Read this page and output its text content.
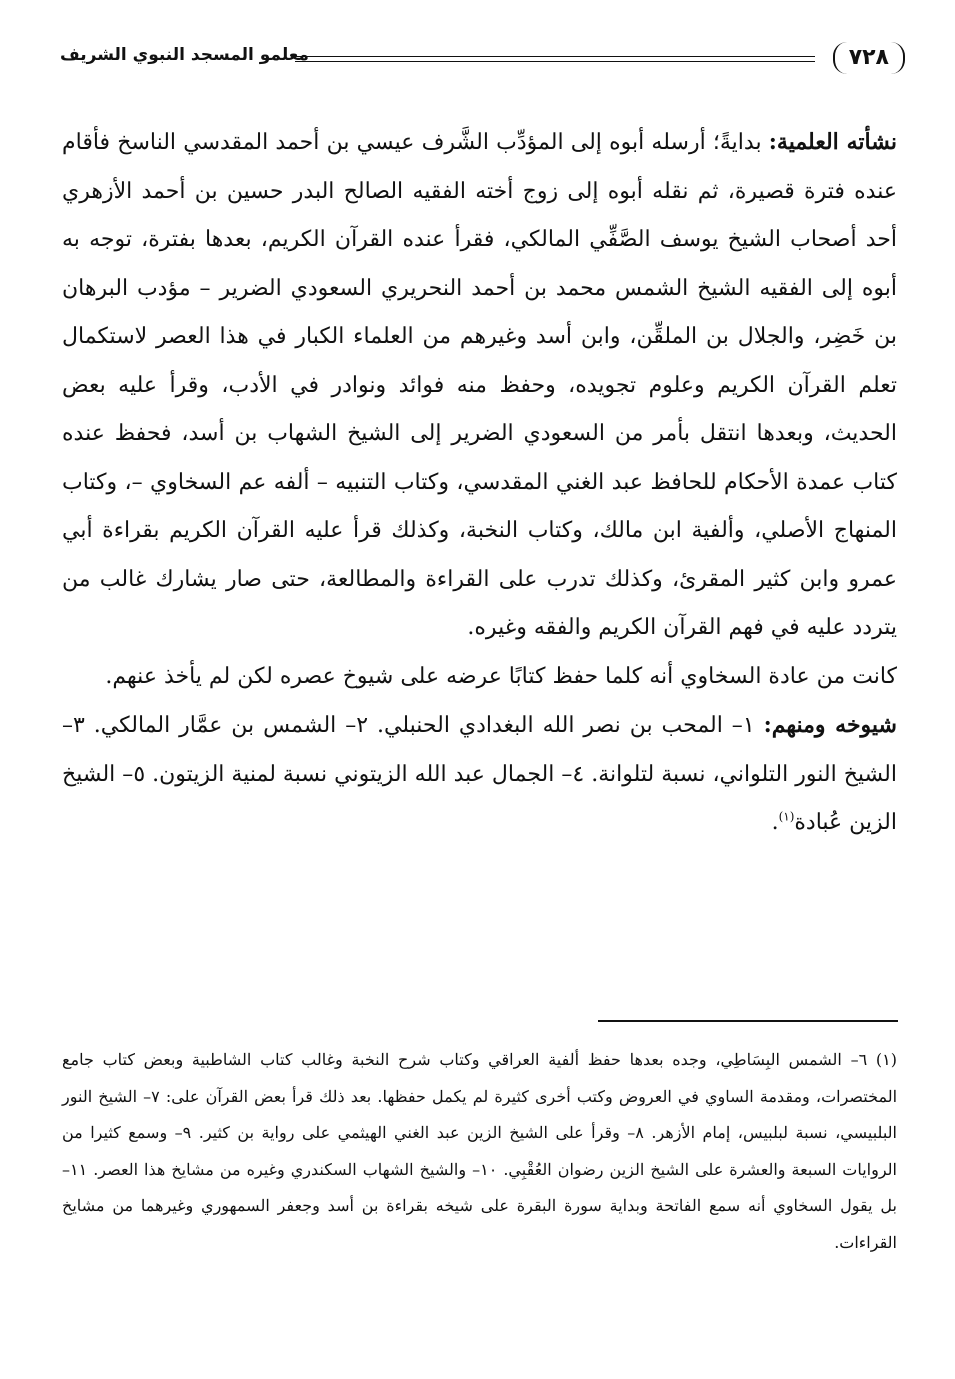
٧٢٨
معلمو المسجد النبوي الشريف

نشأته العلمية: بدايةً؛ أرسله أبوه إلى المؤدِّب الشَّرف عيسي بن أحمد المقدسي الناسخ فأقام عنده فترة قصيرة، ثم نقله أبوه إلى زوج أخته الفقيه الصالح البدر حسين بن أحمد الأزهري أحد أصحاب الشيخ يوسف الصَّفِّي المالكي، فقرأ عنده القرآن الكريم، بعدها بفترة، توجه به أبوه إلى الفقيه الشيخ الشمس محمد بن أحمد النحريري السعودي الضرير – مؤدب البرهان بن خَضِر، والجلال بن الملقِّن، وابن أسد وغيرهم من العلماء الكبار في هذا العصر لاستكمال تعلم القرآن الكريم وعلوم تجويده، وحفظ منه فوائد ونوادر في الأدب، وقرأ عليه بعض الحديث، وبعدها انتقل بأمر من السعودي الضرير إلى الشيخ الشهاب بن أسد، فحفظ عنده كتاب عمدة الأحكام للحافظ عبد الغني المقدسي، وكتاب التنبيه – ألفه عم السخاوي –، وكتاب المنهاج الأصلي، وألفية ابن مالك، وكتاب النخبة، وكذلك قرأ عليه القرآن الكريم بقراءة أبي عمرو وابن كثير المقرئ، وكذلك تدرب على القراءة والمطالعة، حتى صار يشارك غالب من يتردد عليه في فهم القرآن الكريم والفقه وغيره.

كانت من عادة السخاوي أنه كلما حفظ كتابًا عرضه على شيوخ عصره لكن لم يأخذ عنهم.

شيوخه ومنهم: ١– المحب بن نصر الله البغدادي الحنبلي. ٢– الشمس بن عمَّار المالكي. ٣– الشيخ النور التلواني، نسبة لتلوانة. ٤– الجمال عبد الله الزيتوني نسبة لمنية الزيتون. ٥– الشيخ الزين عُبادة$^{(١)}$.

(١) ٦– الشمس البِسَاطِي، وجده بعدها حفظ ألفية العراقي وكتاب شرح النخبة وغالب كتاب الشاطبية وبعض كتاب جامع المختصرات، ومقدمة الساوي في العروض وكتب أخرى كثيرة لم يكمل حفظها. بعد ذلك قرأ بعض القرآن على: ٧– الشيخ النور البلبيسي، نسبة لبلبيس، إمام الأزهر. ٨– وقرأ على الشيخ الزين عبد الغني الهيثمي على رواية بن كثير. ٩– وسمع كثيرا من الروايات السبعة والعشرة على الشيخ الزين رضوان العُقْبِي. ١٠– والشيخ الشهاب السكندري وغيره من مشايخ هذا العصر. ١١– بل يقول السخاوي أنه سمع الفاتحة وبداية سورة البقرة على شيخه بقراءة بن أسد وجعفر السمهوري وغيرهما من مشايخ القراءات.
